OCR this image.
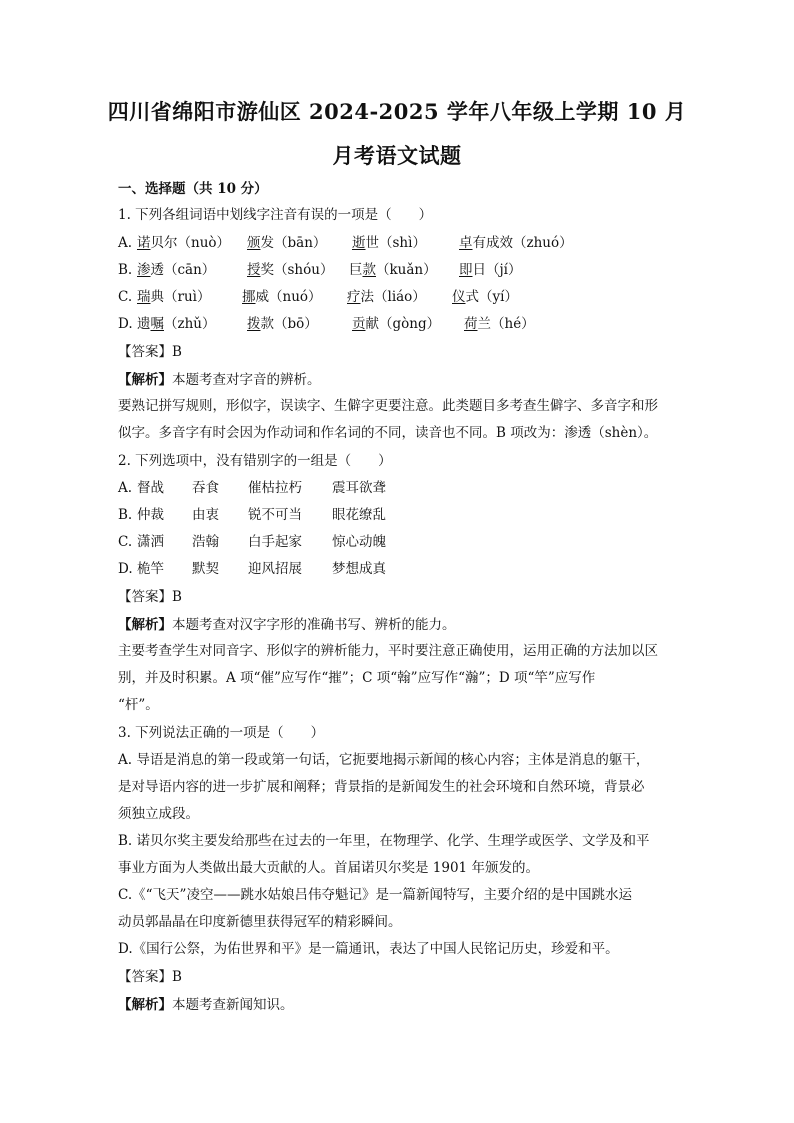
四川省绵阳市游仙区 2024-2025 学年八年级上学期 10 月
月考语文试题
一、选择题（共 10 分）
1. 下列各组词语中划线字注音有误的一项是（　　）
A. 诺贝尔（nuò） 颁发（bān） 逝世（shì） 卓有成效（zhuó）
B. 渗透（cān） 授奖（shóu） 巨款（kuǎn） 即日（jí）
C. 瑞典（ruì） 挪威（nuó） 疗法（liáo） 仪式（yí）
D. 遗嘱（zhǔ） 拨款（bō）	贡献（gòng） 荷兰（hé）
【答案】B
【解析】本题考查对字音的辨析。
要熟记拼写规则，形似字，误读字、生僻字更要注意。此类题目多考查生僻字、多音字和形
似字。多音字有时会因为作动词和作名词的不同，读音也不同。B 项改为：渗透（shèn）。
2. 下列选项中，没有错别字的一组是（　　）
A. 督战 吞食 催枯拉朽 震耳欲聋
B. 仲裁 由衷 锐不可当 眼花缭乱
C. 潇洒 浩翰 白手起家 惊心动魄
D. 桅竿 默契 迎风招展 梦想成真
【答案】B
【解析】本题考查对汉字字形的准确书写、辨析的能力。
主要考查学生对同音字、形似字的辨析能力，平时要注意正确使用，运用正确的方法加以区
别，并及时积累。A 项“催”应写作“摧”；C 项“翰”应写作“瀚”；D 项“竿”应写作
“杆”。
3. 下列说法正确的一项是（　　）
A. 导语是消息的第一段或第一句话，它扼要地揭示新闻的核心内容；主体是消息的躯干，
是对导语内容的进一步扩展和阐释；背景指的是新闻发生的社会环境和自然环境，背景必
须独立成段。
B. 诺贝尔奖主要发给那些在过去的一年里，在物理学、化学、生理学或医学、文学及和平
事业方面为人类做出最大贡献的人。首届诺贝尔奖是 1901 年颁发的。
C.《“飞天”凌空——跳水姑娘吕伟夺魁记》是一篇新闻特写，主要介绍的是中国跳水运
动员郭晶晶在印度新德里获得冠军的精彩瞬间。
D.《国行公祭，为佑世界和平》是一篇通讯，表达了中国人民铭记历史，珍爱和平。
【答案】B
【解析】本题考查新闻知识。
